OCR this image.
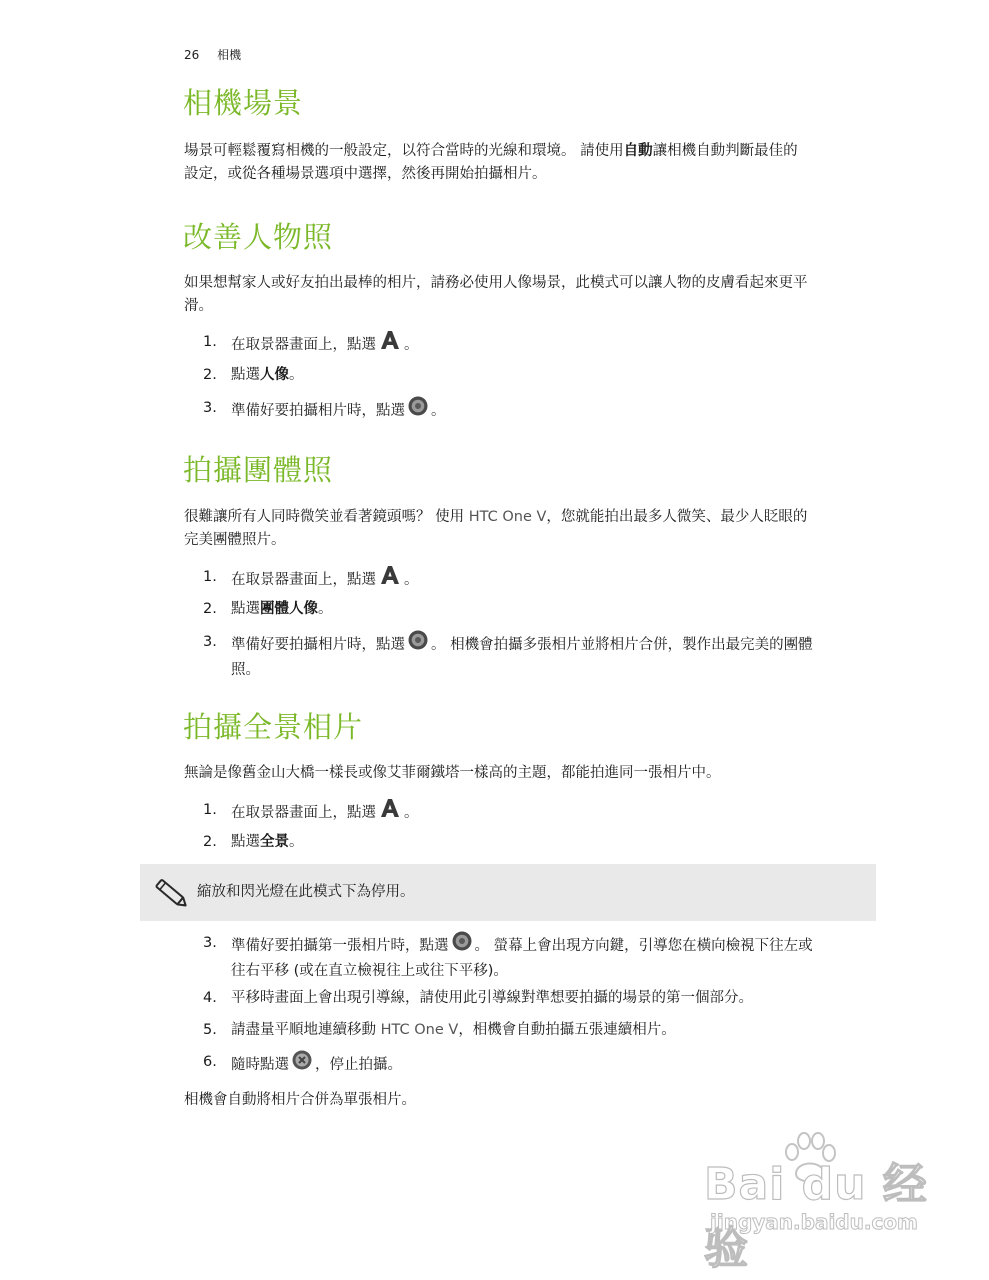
26 相機
相機場景

場景可輕鬆覆寫相機的一般設定，以符合當時的光線和環境。 請使用自動讓相機自動判斷最佳的
設定，或從各種場景選項中選擇，然後再開始拍攝相片。

改善人物照

如果想幫家人或好友拍出最棒的相片，請務必使用人像場景，此模式可以讓人物的皮膚看起來更平
滑。

1. 在取景器畫面上，點選 。
2. 點選人像。
3. 準備好要拍攝相片時，點選 。
拍攝團體照

很難讓所有人同時微笑並看著鏡頭嗎？ 使用 HTC One V，您就能拍出最多人微笑、最少人眨眼的
完美團體照片。

1. 在取景器畫面上，點選 。
2. 點選團體人像。
3. 準備好要拍攝相片時，點選 。 相機會拍攝多張相片並將相片合併，製作出最完美的團體
照。
拍攝全景相片

無論是像舊金山大橋一樣長或像艾菲爾鐵塔一樣高的主題，都能拍進同一張相片中。

1. 在取景器畫面上，點選 。
2. 點選全景。
縮放和閃光燈在此模式下為停用。
3. 準備好要拍攝第一張相片時，點選 。 螢幕上會出現方向鍵，引導您在橫向檢視下往左或
往右平移 (或在直立檢視往上或往下平移)。
4. 平移時畫面上會出現引導線，請使用此引導線對準想要拍攝的場景的第一個部分。
5. 請盡量平順地連續移動 HTC One V，相機會自動拍攝五張連續相片。
6. 隨時點選 ，停止拍攝。

相機會自動將相片合併為單張相片。

Bai du 经验
jingyan.baidu.com
